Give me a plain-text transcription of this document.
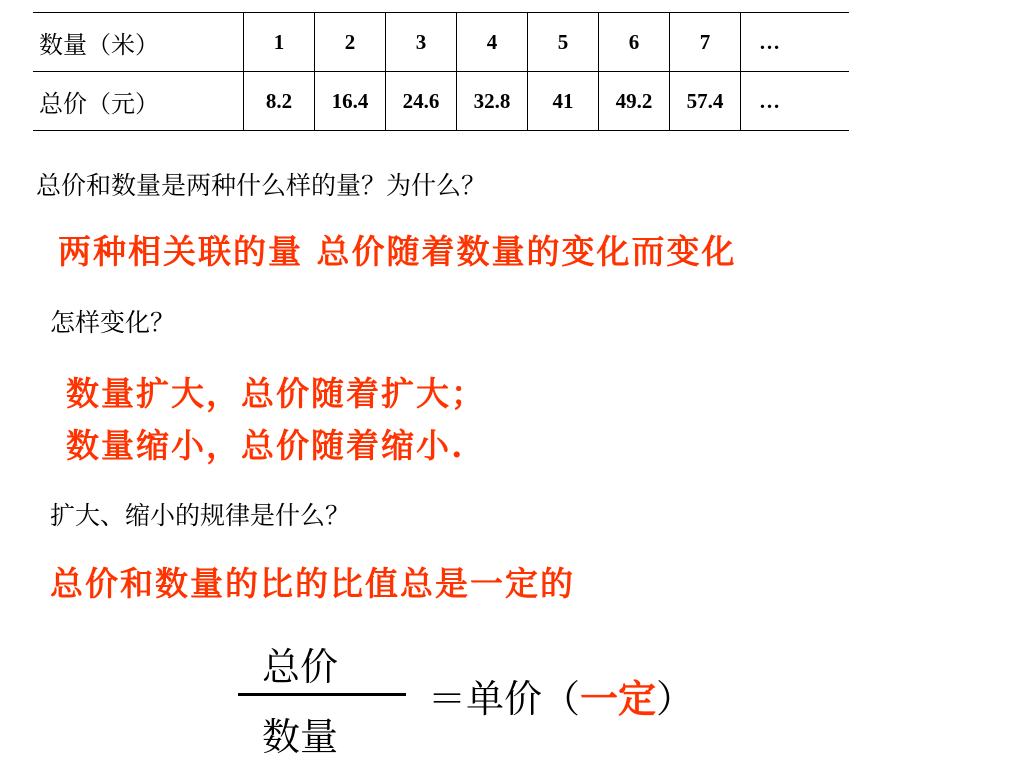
数量（米）	1	2	3	4	5	6	7	…
总价（元）	8.2	16.4	24.6	32.8	41	49.2	57.4	…
总价和数量是两种什么样的量？为什么？
两种相关联的量 总价随着数量的变化而变化
怎样变化？
数量扩大，总价随着扩大；
数量缩小，总价随着缩小.
扩大、缩小的规律是什么？
总价和数量的比的比值总是一定的
总价
数量
＝单价（一定）
